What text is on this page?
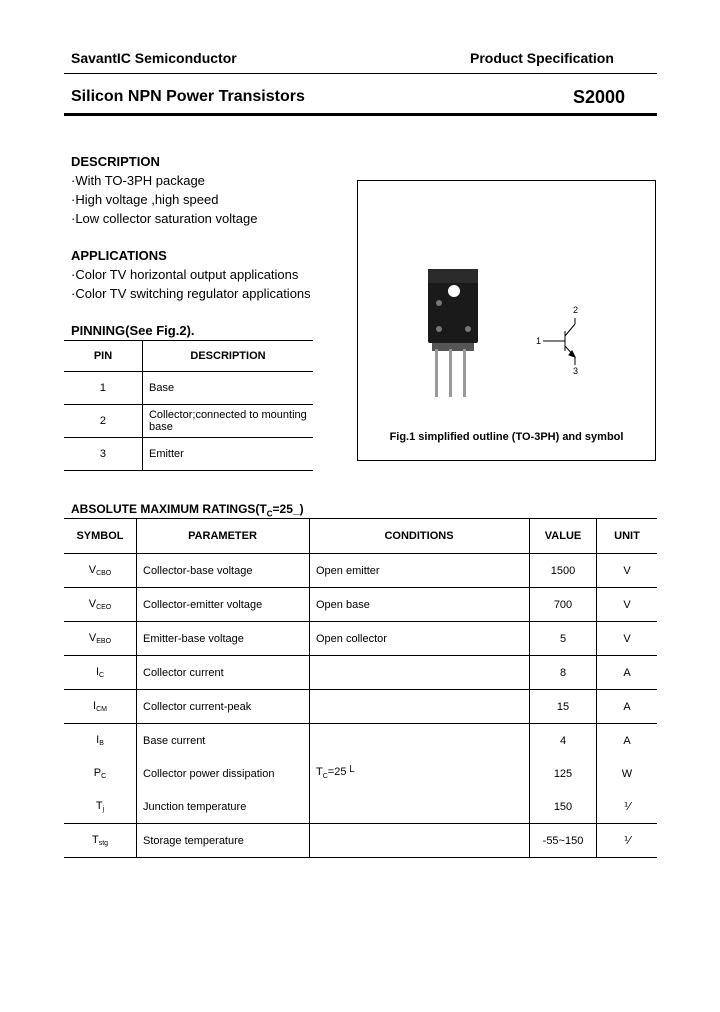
SavantIC Semiconductor	Product Specification
Silicon NPN Power Transistors	S2000
DESCRIPTION
·With TO-3PH package
·High voltage ,high speed
·Low collector saturation voltage
APPLICATIONS
·Color TV horizontal output applications
·Color TV switching regulator applications
PINNING(See Fig.2).
PIN	DESCRIPTION
1	Base
2	Collector;connected to mounting base
3	Emitter
1
2
3
Fig.1 simplified outline (TO-3PH) and symbol
ABSOLUTE MAXIMUM $RATINGS(T_C=25\_)$
SYMBOL	PARAMETER	CONDITIONS	VALUE	UNIT
$V_{CBO}$	Collector-base voltage	Open emitter	1500	V
$V_{CEO}$	Collector-emitter voltage	Open base	700	V
$V_{EBO}$	Emitter-base voltage	Open collector	5	V
$I_C$	Collector current		8	A
$I_{CM}$	Collector current-peak		15	A
$I_B$	Base current		4	A
$P_C$	Collector power dissipation	$T_C=25└$	125	W
$T_j$	Junction temperature		150	⅟
$T_{stg}$	Storage temperature		-55~150	⅟
